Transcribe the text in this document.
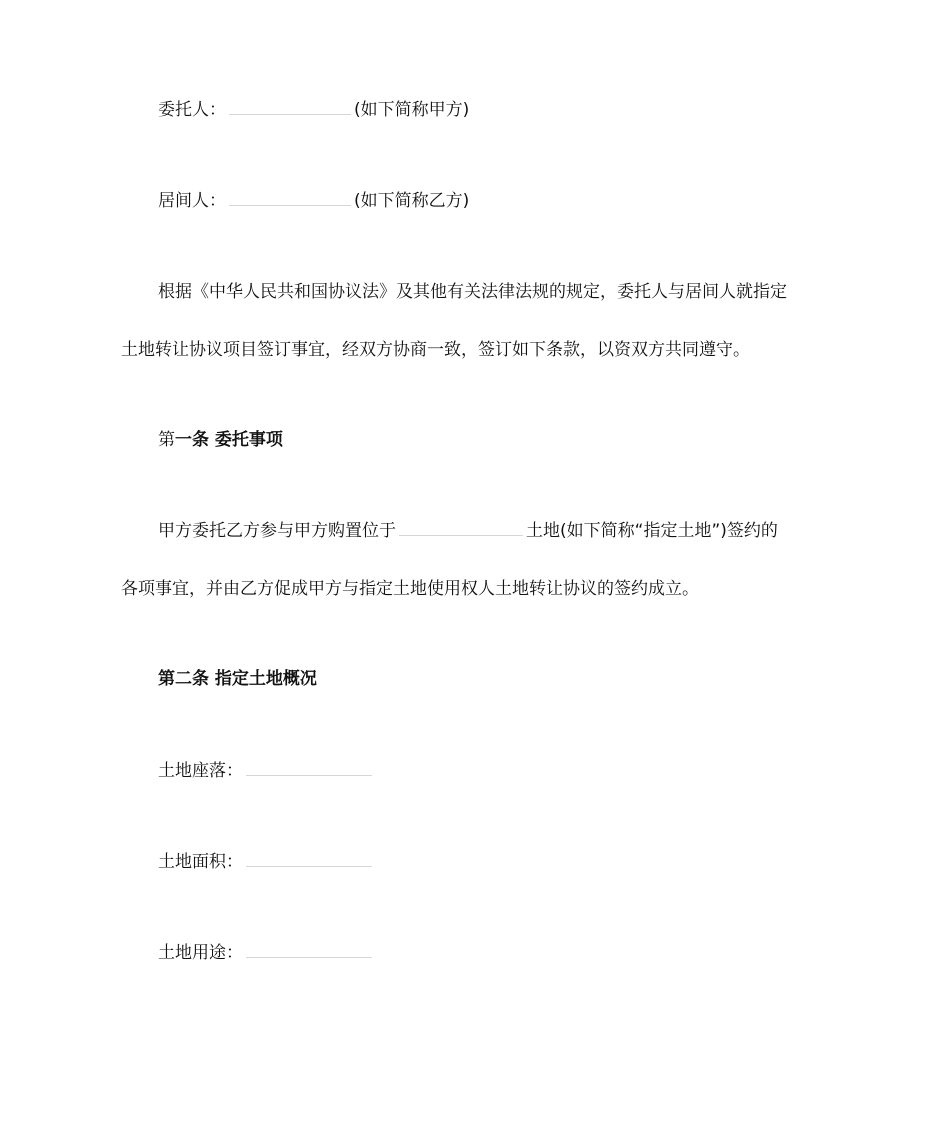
委托人：	(如下简称甲方)
居间人：	(如下简称乙方)
根据《中华人民共和国协议法》及其他有关法律法规的规定，委托人与居间人就指定
土地转让协议项目签订事宜，经双方协商一致，签订如下条款，以资双方共同遵守。
第一条 委托事项
甲方委托乙方参与甲方购置位于	土地(如下简称“指定土地”)签约的
各项事宜，并由乙方促成甲方与指定土地使用权人土地转让协议的签约成立。
第二条 指定土地概况
土地座落：
土地面积：
土地用途：
